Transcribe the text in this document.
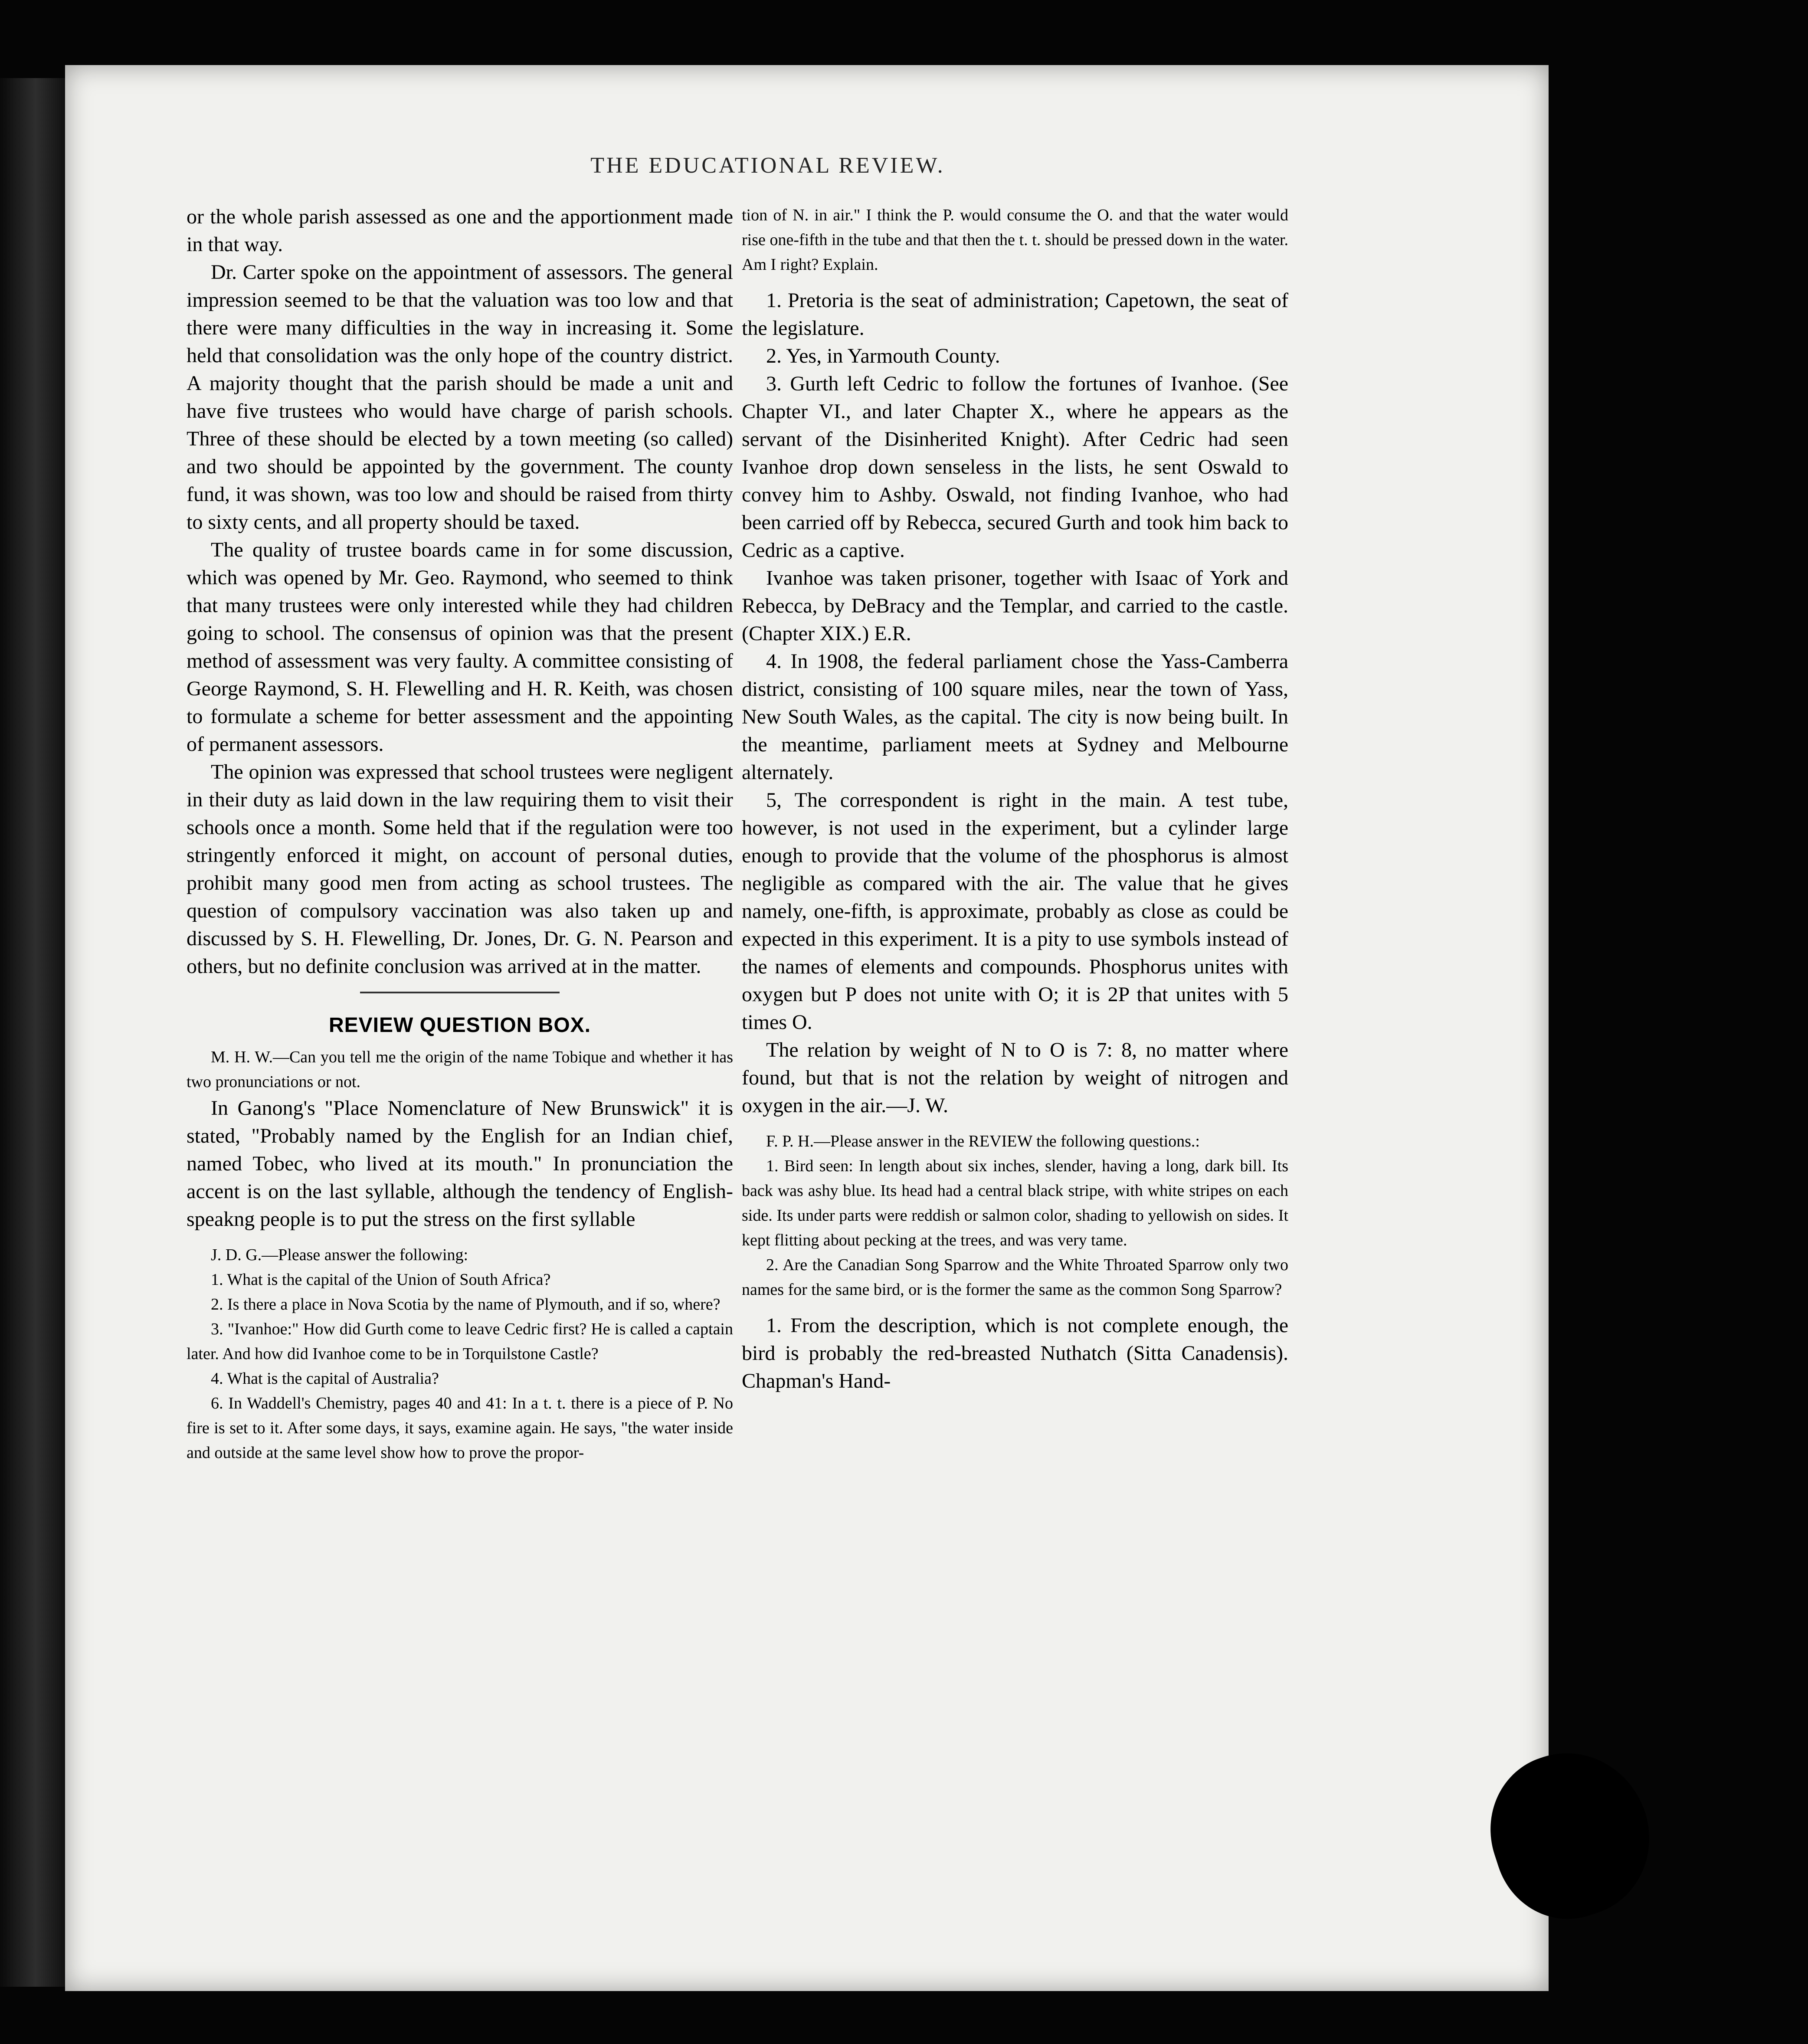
THE EDUCATIONAL REVIEW.

or the whole parish assessed as one and the apportionment made in that way.

Dr. Carter spoke on the appointment of assessors. The general impression seemed to be that the valuation was too low and that there were many difficulties in the way in increasing it. Some held that consolidation was the only hope of the country district. A majority thought that the parish should be made a unit and have five trustees who would have charge of parish schools. Three of these should be elected by a town meeting (so called) and two should be appointed by the government. The county fund, it was shown, was too low and should be raised from thirty to sixty cents, and all property should be taxed.

The quality of trustee boards came in for some discussion, which was opened by Mr. Geo. Raymond, who seemed to think that many trustees were only interested while they had children going to school. The consensus of opinion was that the present method of assessment was very faulty. A committee consisting of George Raymond, S. H. Flewelling and H. R. Keith, was chosen to formulate a scheme for better assessment and the appointing of permanent assessors.

The opinion was expressed that school trustees were negligent in their duty as laid down in the law requiring them to visit their schools once a month. Some held that if the regulation were too stringently enforced it might, on account of personal duties, prohibit many good men from acting as school trustees. The question of compulsory vaccination was also taken up and discussed by S. H. Flewelling, Dr. Jones, Dr. G. N. Pearson and others, but no definite conclusion was arrived at in the matter.

REVIEW QUESTION BOX.

M. H. W.—Can you tell me the origin of the name Tobique and whether it has two pronunciations or not.

In Ganong's "Place Nomenclature of New Brunswick" it is stated, "Probably named by the English for an Indian chief, named Tobec, who lived at its mouth." In pronunciation the accent is on the last syllable, although the tendency of English-speakng people is to put the stress on the first syllable

J. D. G.—Please answer the following:

1. What is the capital of the Union of South Africa?

2. Is there a place in Nova Scotia by the name of Plymouth, and if so, where?

3. "Ivanhoe:" How did Gurth come to leave Cedric first? He is called a captain later. And how did Ivanhoe come to be in Torquilstone Castle?

4. What is the capital of Australia?

6. In Waddell's Chemistry, pages 40 and 41: In a t. t. there is a piece of P. No fire is set to it. After some days, it says, examine again. He says, "the water inside and outside at the same level show how to prove the propor-

tion of N. in air." I think the P. would consume the O. and that the water would rise one-fifth in the tube and that then the t. t. should be pressed down in the water. Am I right? Explain.

1. Pretoria is the seat of administration; Capetown, the seat of the legislature.

2. Yes, in Yarmouth County.

3. Gurth left Cedric to follow the fortunes of Ivanhoe. (See Chapter VI., and later Chapter X., where he appears as the servant of the Disinherited Knight). After Cedric had seen Ivanhoe drop down senseless in the lists, he sent Oswald to convey him to Ashby. Oswald, not finding Ivanhoe, who had been carried off by Rebecca, secured Gurth and took him back to Cedric as a captive.

Ivanhoe was taken prisoner, together with Isaac of York and Rebecca, by DeBracy and the Templar, and carried to the castle. (Chapter XIX.) E.R.

4. In 1908, the federal parliament chose the Yass-Camberra district, consisting of 100 square miles, near the town of Yass, New South Wales, as the capital. The city is now being built. In the meantime, parliament meets at Sydney and Melbourne alternately.

5, The correspondent is right in the main. A test tube, however, is not used in the experiment, but a cylinder large enough to provide that the volume of the phosphorus is almost negligible as compared with the air. The value that he gives namely, one-fifth, is approximate, probably as close as could be expected in this experiment. It is a pity to use symbols instead of the names of elements and compounds. Phosphorus unites with oxygen but P does not unite with O; it is 2P that unites with 5 times O.

The relation by weight of N to O is 7: 8, no matter where found, but that is not the relation by weight of nitrogen and oxygen in the air.—J. W.

F. P. H.—Please answer in the REVIEW the following questions.:

1. Bird seen: In length about six inches, slender, having a long, dark bill. Its back was ashy blue. Its head had a central black stripe, with white stripes on each side. Its under parts were reddish or salmon color, shading to yellowish on sides. It kept flitting about pecking at the trees, and was very tame.

2. Are the Canadian Song Sparrow and the White Throated Sparrow only two names for the same bird, or is the former the same as the common Song Sparrow?

1. From the description, which is not complete enough, the bird is probably the red-breasted Nuthatch (Sitta Canadensis). Chapman's Hand-
